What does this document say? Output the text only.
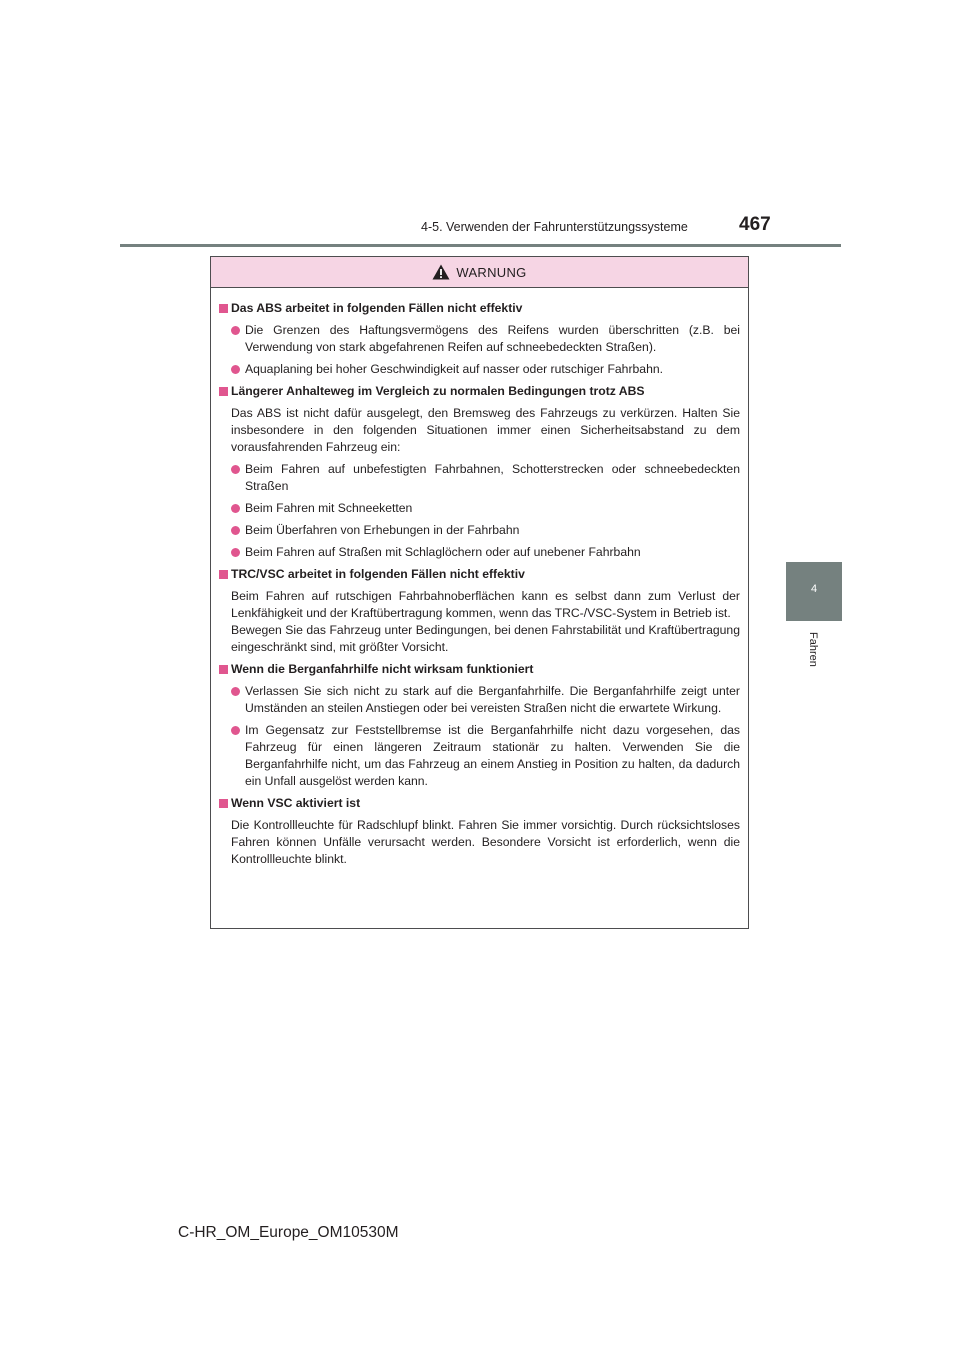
4-5. Verwenden der Fahrunterstützungssysteme	467
4
Fahren
WARNUNG
Das ABS arbeitet in folgenden Fällen nicht effektiv
Die Grenzen des Haftungsvermögens des Reifens wurden überschritten (z.B. bei Verwendung von stark abgefahrenen Reifen auf schneebedeckten Straßen).
Aquaplaning bei hoher Geschwindigkeit auf nasser oder rutschiger Fahrbahn.
Längerer Anhalteweg im Vergleich zu normalen Bedingungen trotz ABS
Das ABS ist nicht dafür ausgelegt, den Bremsweg des Fahrzeugs zu verkürzen. Halten Sie insbesondere in den folgenden Situationen immer einen Sicherheitsabstand zu dem vorausfahrenden Fahrzeug ein:
Beim Fahren auf unbefestigten Fahrbahnen, Schotterstrecken oder schneebedeckten Straßen
Beim Fahren mit Schneeketten
Beim Überfahren von Erhebungen in der Fahrbahn
Beim Fahren auf Straßen mit Schlaglöchern oder auf unebener Fahrbahn
TRC/VSC arbeitet in folgenden Fällen nicht effektiv
Beim Fahren auf rutschigen Fahrbahnoberflächen kann es selbst dann zum Verlust der Lenkfähigkeit und der Kraftübertragung kommen, wenn das TRC-/VSC-System in Betrieb ist.
Bewegen Sie das Fahrzeug unter Bedingungen, bei denen Fahrstabilität und Kraftübertragung eingeschränkt sind, mit größter Vorsicht.
Wenn die Berganfahrhilfe nicht wirksam funktioniert
Verlassen Sie sich nicht zu stark auf die Berganfahrhilfe. Die Berganfahrhilfe zeigt unter Umständen an steilen Anstiegen oder bei vereisten Straßen nicht die erwartete Wirkung.
Im Gegensatz zur Feststellbremse ist die Berganfahrhilfe nicht dazu vorgesehen, das Fahrzeug für einen längeren Zeitraum stationär zu halten. Verwenden Sie die Berganfahrhilfe nicht, um das Fahrzeug an einem Anstieg in Position zu halten, da dadurch ein Unfall ausgelöst werden kann.
Wenn VSC aktiviert ist
Die Kontrollleuchte für Radschlupf blinkt. Fahren Sie immer vorsichtig. Durch rücksichtsloses Fahren können Unfälle verursacht werden. Besondere Vorsicht ist erforderlich, wenn die Kontrollleuchte blinkt.
C-HR_OM_Europe_OM10530M
